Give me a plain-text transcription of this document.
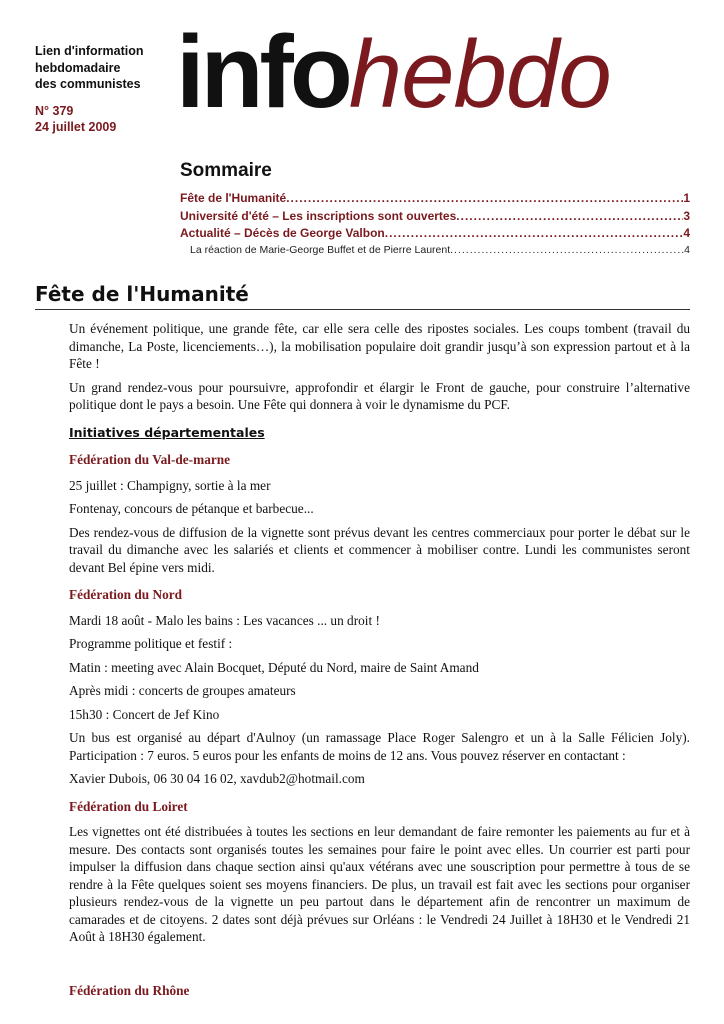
Lien d'information
hebdomadaire
des communistes
N° 379
24 juillet 2009 infohebdo
Sommaire
Fête de l'Humanité .....	1
Université d'été – Les inscriptions sont ouvertes .....	3
Actualité – Décès de George Valbon .....	4
La réaction de Marie-George Buffet et de Pierre Laurent .....	4
Fête de l'Humanité

Un événement politique, une grande fête, car elle sera celle des ripostes sociales. Les coups tombent (travail du dimanche, La Poste, licenciements…), la mobilisation populaire doit grandir jusqu’à son expression partout et à la Fête !

Un grand rendez-vous pour poursuivre, approfondir et élargir le Front de gauche, pour construire l’alternative politique dont le pays a besoin. Une Fête qui donnera à voir le dynamisme du PCF.

Initiatives départementales
Fédération du Val-de-marne

25 juillet : Champigny, sortie à la mer

Fontenay, concours de pétanque et barbecue...

Des rendez-vous de diffusion de la vignette sont prévus devant les centres commerciaux pour porter le débat sur le travail du dimanche avec les salariés et clients et commencer à mobiliser contre. Lundi les communistes seront devant Bel épine vers midi.

Fédération du Nord

Mardi 18 août - Malo les bains : Les vacances ... un droit !

Programme politique et festif :

Matin : meeting avec Alain Bocquet, Député du Nord, maire de Saint Amand

Après midi : concerts de groupes amateurs

15h30 : Concert de Jef Kino

Un bus est organisé au départ d'Aulnoy (un ramassage Place Roger Salengro et un à la Salle Félicien Joly). Participation : 7 euros. 5 euros pour les enfants de moins de 12 ans. Vous pouvez réserver en contactant :

Xavier Dubois, 06 30 04 16 02, xavdub2@hotmail.com

Fédération du Loiret

Les vignettes ont été distribuées à toutes les sections en leur demandant de faire remonter les paiements au fur et à mesure. Des contacts sont organisés toutes les semaines pour faire le point avec elles. Un courrier est parti pour impulser la diffusion dans chaque section ainsi qu'aux vétérans avec une souscription pour permettre à tous de se rendre à la Fête quelques soient ses moyens financiers. De plus, un travail est fait avec les sections pour organiser plusieurs rendez-vous de la vignette un peu partout dans le département afin de rencontrer un maximum de camarades et de citoyens. 2 dates sont déjà prévues sur Orléans : le Vendredi 24 Juillet à 18H30 et le Vendredi 21 Août à 18H30 également.

Fédération du Rhône
